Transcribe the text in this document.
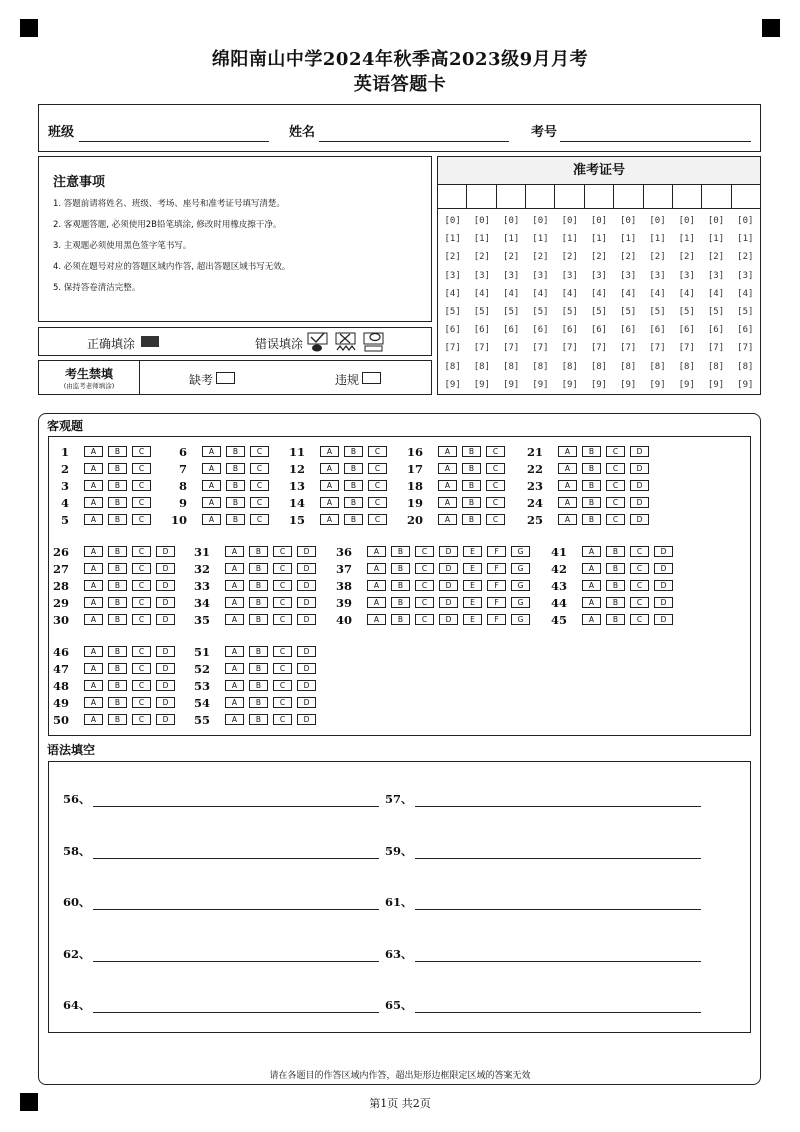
绵阳南山中学2024年秋季高2023级9月月考
英语答题卡
班级	姓名	考号
注意事项
1. 答题前请将姓名、班级、考场、座号和准考证号填写清楚。
2. 客观题答题, 必须使用2B铅笔填涂, 修改时用橡皮擦干净。
3. 主观题必须使用黑色签字笔书写。
4. 必须在题号对应的答题区域内作答, 超出答题区域书写无效。
5. 保持答卷清洁完整。
正确填涂	错误填涂
考生禁填
(由监考老师填涂)	缺考	违规
准考证号
[0]	[0]	[0]	[0]	[0]	[0]	[0]	[0]	[0]	[0]	[0]
[1]	[1]	[1]	[1]	[1]	[1]	[1]	[1]	[1]	[1]	[1]
[2]	[2]	[2]	[2]	[2]	[2]	[2]	[2]	[2]	[2]	[2]
[3]	[3]	[3]	[3]	[3]	[3]	[3]	[3]	[3]	[3]	[3]
[4]	[4]	[4]	[4]	[4]	[4]	[4]	[4]	[4]	[4]	[4]
[5]	[5]	[5]	[5]	[5]	[5]	[5]	[5]	[5]	[5]	[5]
[6]	[6]	[6]	[6]	[6]	[6]	[6]	[6]	[6]	[6]	[6]
[7]	[7]	[7]	[7]	[7]	[7]	[7]	[7]	[7]	[7]	[7]
[8]	[8]	[8]	[8]	[8]	[8]	[8]	[8]	[8]	[8]	[8]
[9]	[9]	[9]	[9]	[9]	[9]	[9]	[9]	[9]	[9]	[9]
客观题
1	A	B	C
2	A	B	C
3	A	B	C
4	A	B	C
5	A	B	C
6	A	B	C
7	A	B	C
8	A	B	C
9	A	B	C
10	A	B	C
11	A	B	C
12	A	B	C
13	A	B	C
14	A	B	C
15	A	B	C
16	A	B	C
17	A	B	C
18	A	B	C
19	A	B	C
20	A	B	C
21	A	B	C	D
22	A	B	C	D
23	A	B	C	D
24	A	B	C	D
25	A	B	C	D
26	A	B	C	D
27	A	B	C	D
28	A	B	C	D
29	A	B	C	D
30	A	B	C	D
31	A	B	C	D
32	A	B	C	D
33	A	B	C	D
34	A	B	C	D
35	A	B	C	D
36	A	B	C	D	E	F	G
37	A	B	C	D	E	F	G
38	A	B	C	D	E	F	G
39	A	B	C	D	E	F	G
40	A	B	C	D	E	F	G
41	A	B	C	D
42	A	B	C	D
43	A	B	C	D
44	A	B	C	D
45	A	B	C	D
46	A	B	C	D
47	A	B	C	D
48	A	B	C	D
49	A	B	C	D
50	A	B	C	D
51	A	B	C	D
52	A	B	C	D
53	A	B	C	D
54	A	B	C	D
55	A	B	C	D
语法填空
56、	57、
58、	59、
60、	61、
62、	63、
64、	65、
请在各题目的作答区域内作答，超出矩形边框限定区域的答案无效
第1页 共2页
